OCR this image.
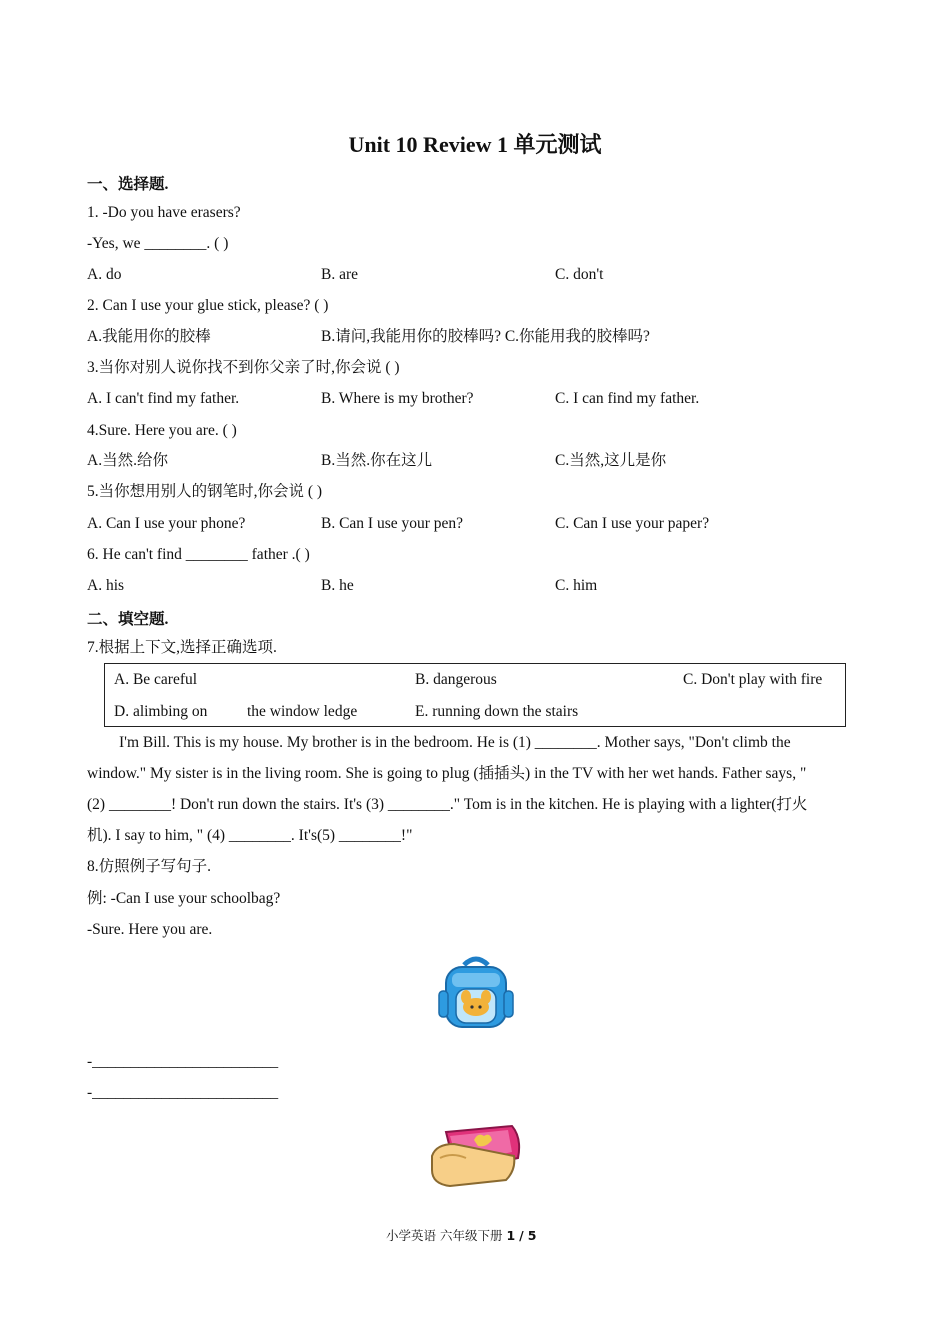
Unit 10 Review 1 单元测试
一、选择题.
1. -Do you have erasers?
-Yes, we ________. ( )
A. do	B. are	C. don't
2. Can I use your glue stick, please? ( )
A.我能用你的胶棒	B.请问,我能用你的胶棒吗? C.你能用我的胶棒吗?
3.当你对别人说你找不到你父亲了时,你会说 ( )
A. I can't find my father.	B. Where is my brother?	C. I can find my father.
4.Sure. Here you are. ( )
A.当然.给你	B.当然.你在这儿	C.当然,这儿是你
5.当你想用别人的钢笔时,你会说 ( )
A. Can I use your phone?	B. Can I use your pen?	C. Can I use your paper?
6. He can't find ________ father .( )
A. his	B. he	C. him
二、填空题.
7.根据上下文,选择正确选项.
A. Be careful	B. dangerous	C. Don't play with fire
D. alimbing on	the window ledge	E. running down the stairs
I'm Bill. This is my house. My brother is in the bedroom. He is (1) ________. Mother says, "Don't climb the
window." My sister is in the living room. She is going to plug (插插头) in the TV with her wet hands. Father says, "
(2) ________! Don't run down the stairs. It's (3) ________." Tom is in the kitchen. He is playing with a lighter(打火
机). I say to him, " (4) ________. It's(5) ________!"
8.仿照例子写句子.
例: -Can I use your schoolbag?
-Sure. Here you are.
-________________________
-________________________
小学英语 六年级下册 1 / 5
